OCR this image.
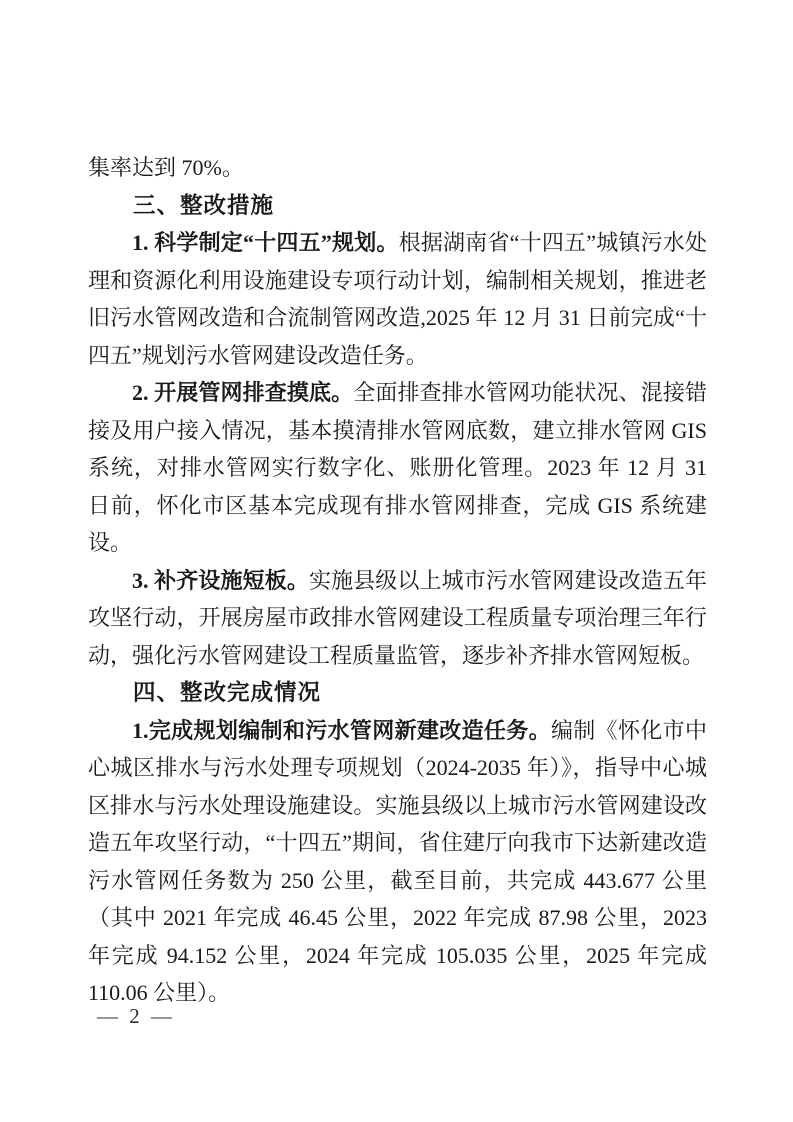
集率达到 70%。

三、整改措施

1. 科学制定“十四五”规划。根据湖南省“十四五”城镇污水处理和资源化利用设施建设专项行动计划，编制相关规划，推进老旧污水管网改造和合流制管网改造,2025 年 12 月 31 日前完成“十四五”规划污水管网建设改造任务。

2. 开展管网排查摸底。全面排查排水管网功能状况、混接错接及用户接入情况，基本摸清排水管网底数，建立排水管网 GIS 系统，对排水管网实行数字化、账册化管理。2023 年 12 月 31 日前，怀化市区基本完成现有排水管网排查，完成 GIS 系统建设。

3. 补齐设施短板。实施县级以上城市污水管网建设改造五年攻坚行动，开展房屋市政排水管网建设工程质量专项治理三年行动，强化污水管网建设工程质量监管，逐步补齐排水管网短板。

四、整改完成情况

1.完成规划编制和污水管网新建改造任务。编制《怀化市中心城区排水与污水处理专项规划（2024-2035 年）》，指导中心城区排水与污水处理设施建设。实施县级以上城市污水管网建设改造五年攻坚行动，“十四五”期间，省住建厅向我市下达新建改造污水管网任务数为 250 公里，截至目前，共完成 443.677 公里（其中 2021 年完成 46.45 公里，2022 年完成 87.98 公里，2023 年完成 94.152 公里，2024 年完成 105.035 公里，2025 年完成 110.06 公里）。

— 2 —
